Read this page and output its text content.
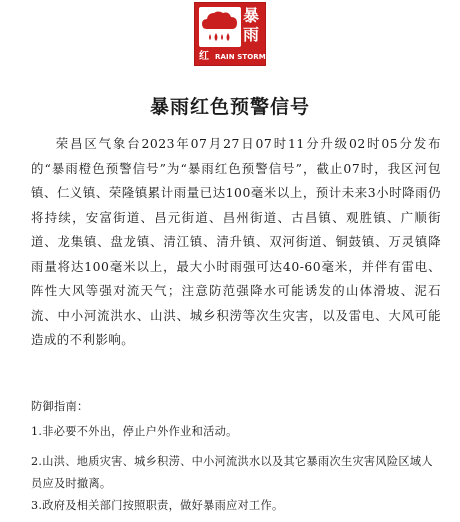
暴雨
红 RAIN STORM
暴雨红色预警信号

荣昌区气象台2023年07月27日07时11分升级02时05分发布的“暴雨橙色预警信号”为“暴雨红色预警信号”，截止07时，我区河包镇、仁义镇、荣隆镇累计雨量已达100毫米以上，预计未来3小时降雨仍将持续，安富街道、昌元街道、昌州街道、古昌镇、观胜镇、广顺街道、龙集镇、盘龙镇、清江镇、清升镇、双河街道、铜鼓镇、万灵镇降雨量将达100毫米以上，最大小时雨强可达40-60毫米，并伴有雷电、阵性大风等强对流天气；注意防范强降水可能诱发的山体滑坡、泥石流、中小河流洪水、山洪、城乡积涝等次生灾害，以及雷电、大风可能造成的不利影响。

防御指南：

1.非必要不外出，停止户外作业和活动。

2.山洪、地质灾害、城乡积涝、中小河流洪水以及其它暴雨次生灾害风险区域人员应及时撤离。

3.政府及相关部门按照职责，做好暴雨应对工作。
